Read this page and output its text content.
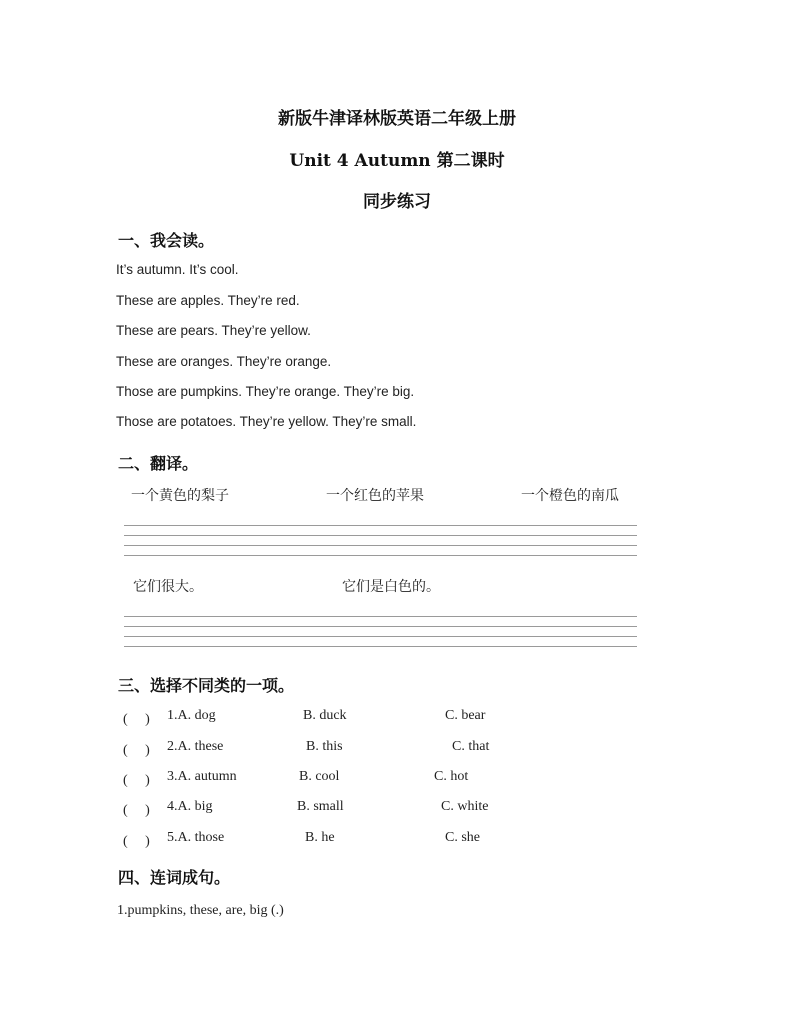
新版牛津译林版英语二年级上册
Unit 4 Autumn 第二课时
同步练习
一、我会读。
It’s autumn. It’s cool.
These are apples. They’re red.
These are pears. They’re yellow.
These are oranges. They’re orange.
Those are pumpkins. They’re orange. They’re big.
Those are potatoes. They’re yellow. They’re small.
二、翻译。
一个黄色的梨子	一个红色的苹果	一个橙色的南瓜
它们很大。	它们是白色的。
三、选择不同类的一项。
(　 ) 1.A. dog	B. duck	C. bear
(　 ) 2.A. these	B. this	C. that
(　 ) 3.A. autumn	B. cool	C. hot
(　 ) 4.A. big	B. small	C. white
(　 ) 5.A. those	B. he	C. she
四、连词成句。
1.pumpkins, these, are, big (.)
